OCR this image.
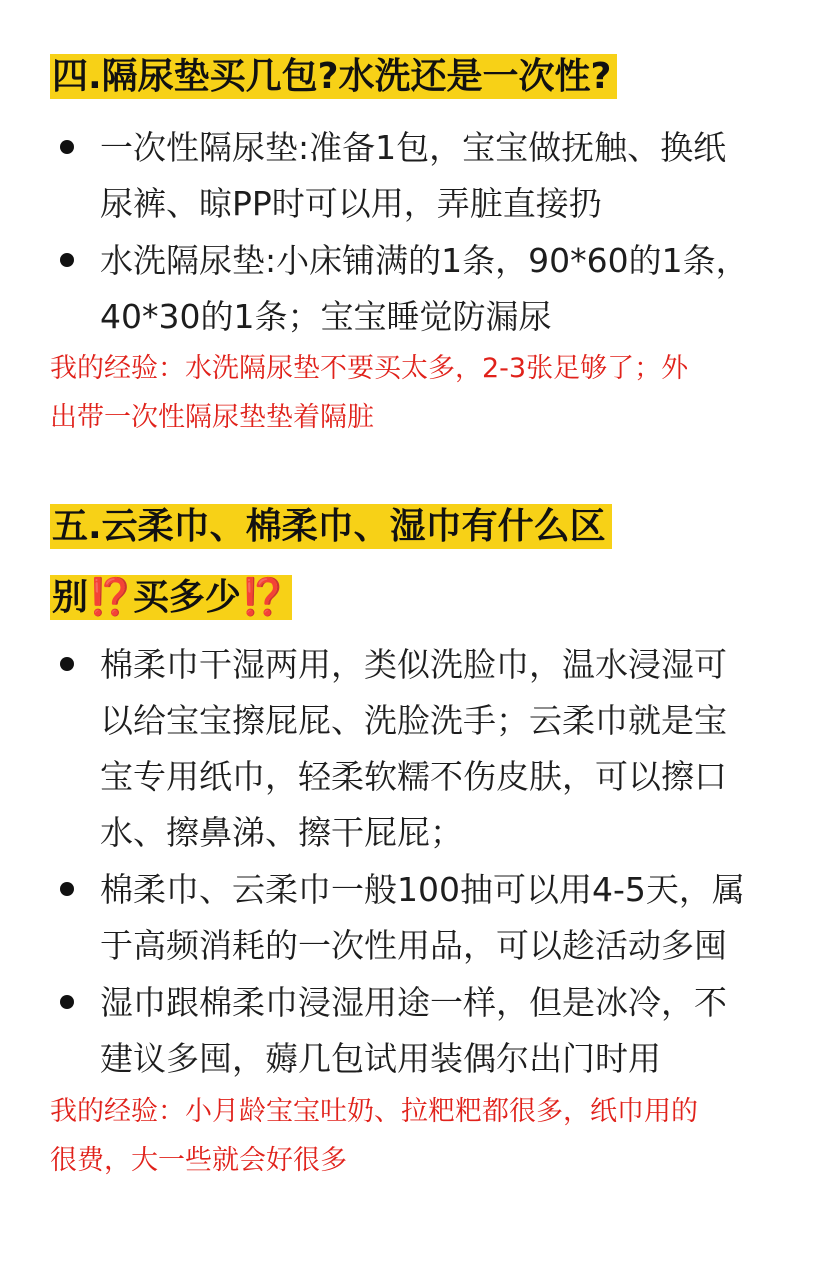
四.隔尿垫买几包?水洗还是一次性?
一次性隔尿垫:准备1包，宝宝做抚触、换纸
尿裤、晾PP时可以用，弄脏直接扔
水洗隔尿垫:小床铺满的1条，90*60的1条，
40*30的1条；宝宝睡觉防漏尿
我的经验：水洗隔尿垫不要买太多，2-3张足够了；外
出带一次性隔尿垫垫着隔脏
五.云柔巾、棉柔巾、湿巾有什么区
别⁉️买多少⁉️
棉柔巾干湿两用，类似洗脸巾，温水浸湿可
以给宝宝擦屁屁、洗脸洗手；云柔巾就是宝
宝专用纸巾，轻柔软糯不伤皮肤，可以擦口
水、擦鼻涕、擦干屁屁；
棉柔巾、云柔巾一般100抽可以用4-5天，属
于高频消耗的一次性用品，可以趁活动多囤
湿巾跟棉柔巾浸湿用途一样，但是冰冷，不
建议多囤，薅几包试用装偶尔出门时用
我的经验：小月龄宝宝吐奶、拉粑粑都很多，纸巾用的
很费，大一些就会好很多
